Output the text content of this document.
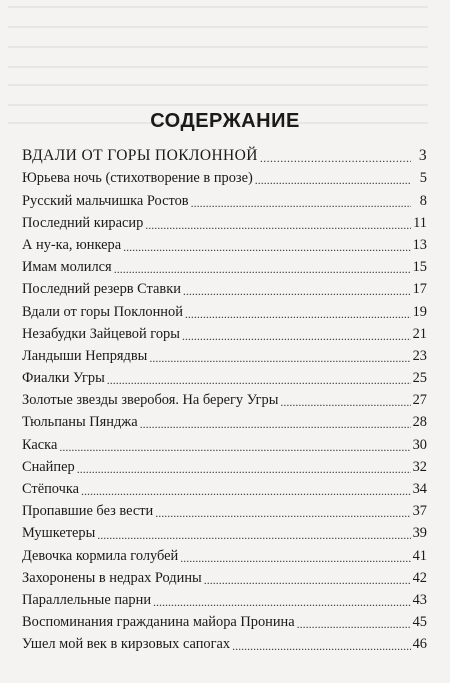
СОДЕРЖАНИЕ
ВДАЛИ ОТ ГОРЫ ПОКЛОННОЙ .....	3
Юрьева ночь (стихотворение в прозе) .....	5
Русский мальчишка Ростов .....	8
Последний кирасир .....	11
А ну-ка, юнкера .....	13
Имам молился .....	15
Последний резерв Ставки .....	17
Вдали от горы Поклонной .....	19
Незабудки Зайцевой горы .....	21
Ландыши Непрядвы .....	23
Фиалки Угры .....	25
Золотые звезды зверобоя. На берегу Угры .....	27
Тюльпаны Пянджа .....	28
Каска .....	30
Снайпер .....	32
Стёпочка .....	34
Пропавшие без вести .....	37
Мушкетеры .....	39
Девочка кормила голубей .....	41
Захоронены в недрах Родины .....	42
Параллельные парни .....	43
Воспоминания гражданина майора Пронина .....	45
Ушел мой век в кирзовых сапогах .....	46
